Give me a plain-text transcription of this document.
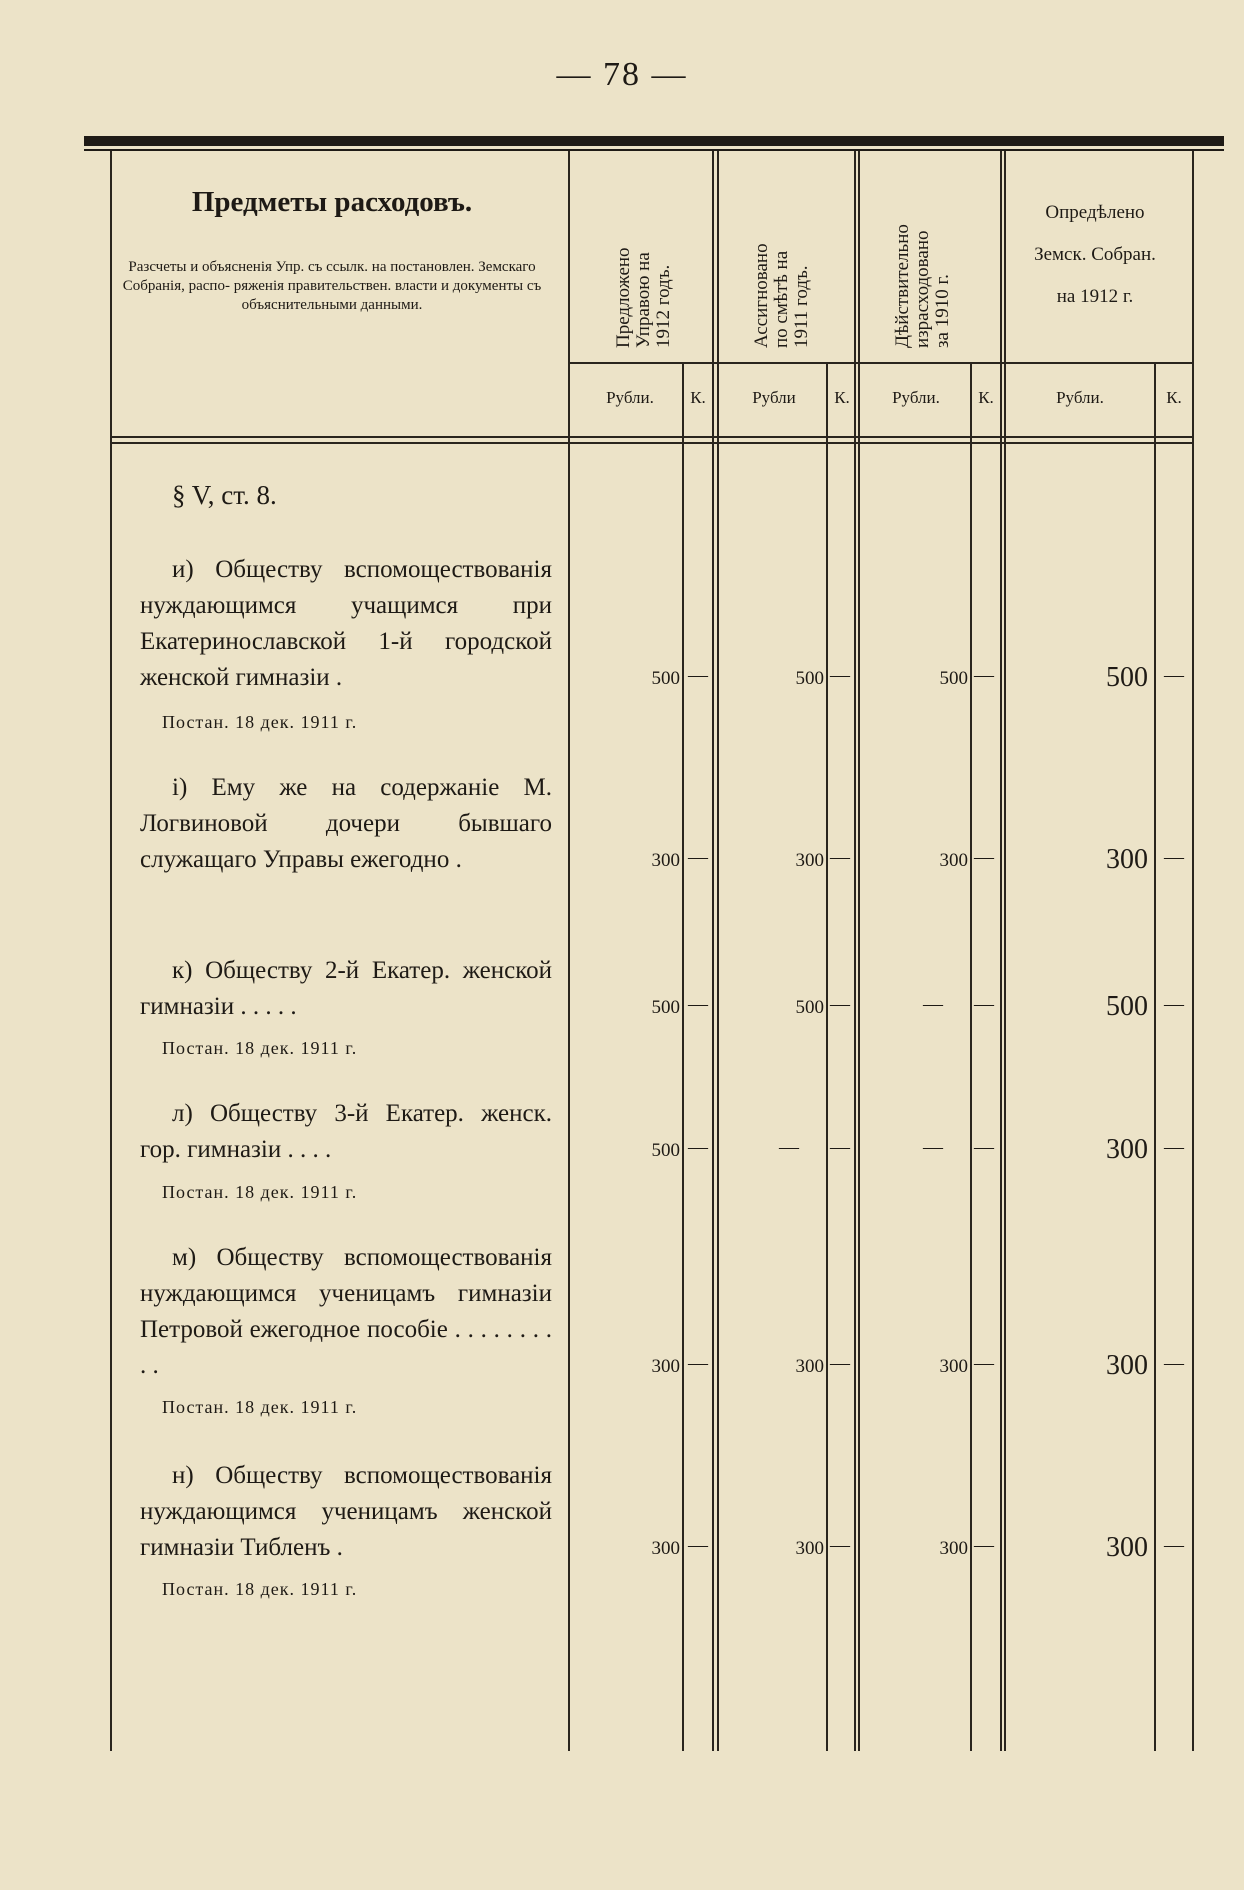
— 78 —
Предметы расходовъ.
Разсчеты и объясненія Упр. съ ссылк. на постановлен. Земскаго Собранія, распо- ряженія правительствен. власти и документы съ объяснительными данными.	Предложено
Управою на
1912 годъ.	Ассигновано
по смѣтѣ на
1911 годъ.	Дѣйствительно
израсходовано
за 1910 г.
Опредѣлено
Земск. Собран.
на 1912 г.
Рубли.	К.	Рубли	К.	Рубли.	К.	Рубли.	К.
§ V, ст. 8.
и) Обществу вспомоществованія нуждающимся учащимся при Екатеринославской 1-й городской женской гимназіи .
Постан. 18 дек. 1911 г.
500 —	500 —	500 —	500 —
і) Ему же на содержаніе М. Логвиновой дочери бывшаго служащаго Управы ежегодно .	300 —	300 —	300 —	300 —
к) Обществу 2-й Екатер. женской гимназіи . . . . .
Постан. 18 дек. 1911 г.
500 —	500 —	—	—	500 —
л) Обществу 3-й Екатер. женск. гор. гимназіи . . . .
Постан. 18 дек. 1911 г.
500 —	—	—	—	—	300 —
м) Обществу вспомоществованія нуждающимся ученицамъ гимназіи Петровой ежегодное пособіе . . . . . . . . . .
Постан. 18 дек. 1911 г.
300 —	300 —	300 —	300 —
н) Обществу вспомоществованія нуждающимся ученицамъ женской гимназіи Тибленъ .
Постан. 18 дек. 1911 г.
300 —	300 —	300 —	300 —
